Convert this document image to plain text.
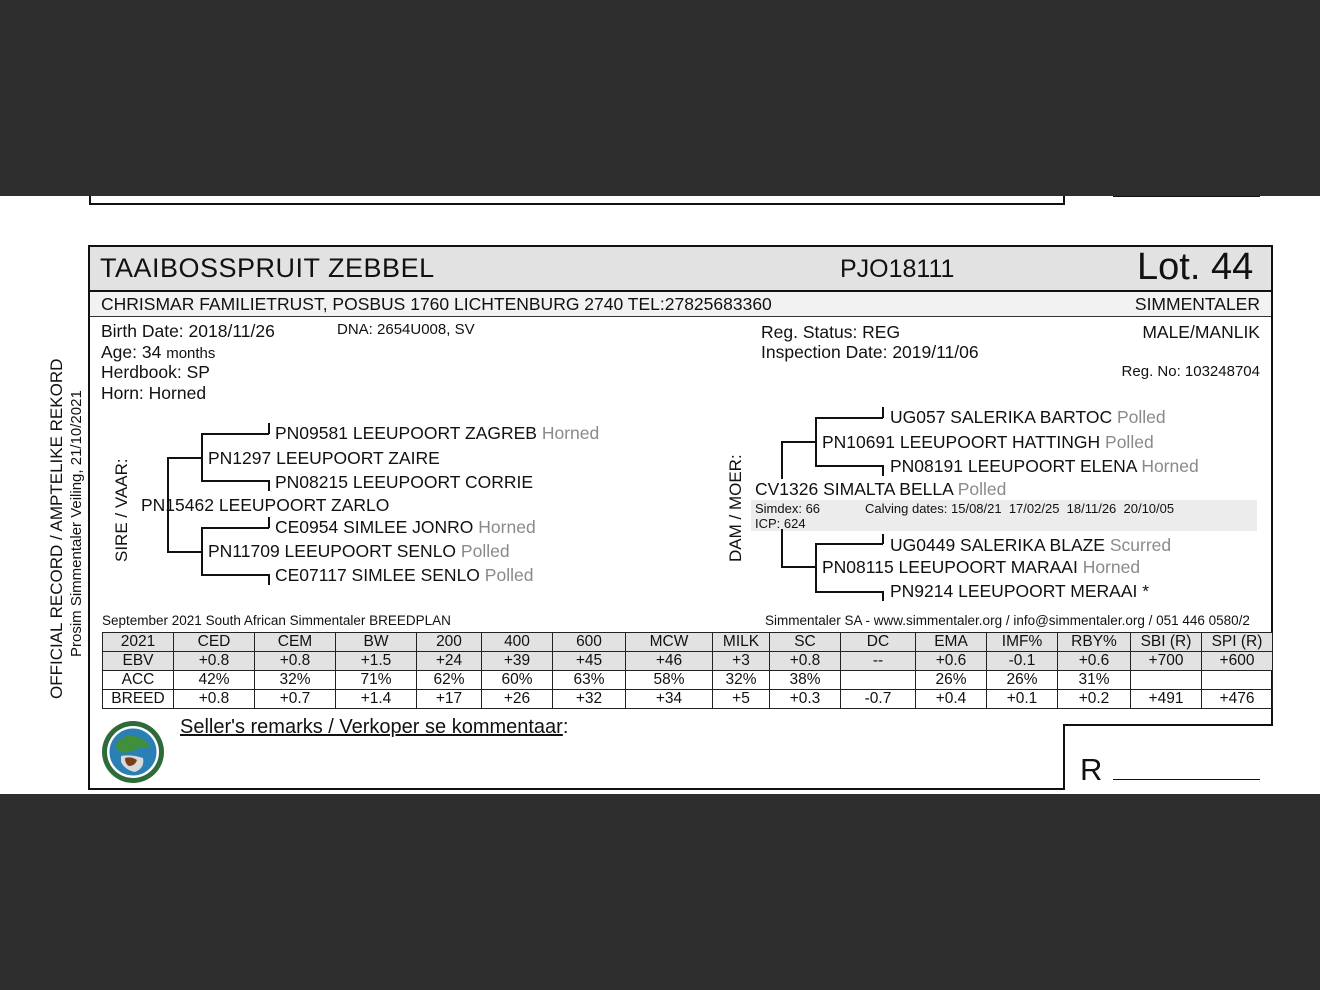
TAAIBOSSPRUIT ZEBBEL	PJO18111	Lot. 44
CHRISMAR FAMILIETRUST, POSBUS 1760 LICHTENBURG 2740 TEL:27825683360	SIMMENTALER
Birth Date: 2018/11/26	DNA: 2654U008, SV
Age: 34 months
Herdbook: SP
Horn: Horned
Reg. Status: REG
Inspection Date: 2019/11/06
MALE/MANLIK
Reg. No: 103248704
OFFICIAL RECORD / AMPTELIKE REKORD Prosim Simmentaler Veiling, 21/10/2021 SIRE / VAAR:
PN09581 LEEUPOORT ZAGREB Horned
PN1297 LEEUPOORT ZAIRE
PN08215 LEEUPOORT CORRIE
PN15462 LEEUPOORT ZARLO
CE0954 SIMLEE JONRO Horned
PN11709 LEEUPOORT SENLO Polled
CE07117 SIMLEE SENLO Polled
DAM / MOER:
UG057 SALERIKA BARTOC Polled
PN10691 LEEUPOORT HATTINGH Polled
PN08191 LEEUPOORT ELENA Horned
CV1326 SIMALTA BELLA Polled
Simdex: 66	Calving dates: 15/08/21  17/02/25  18/11/26  20/10/05
ICP: 624
UG0449 SALERIKA BLAZE Scurred
PN08115 LEEUPOORT MARAAI Horned
PN9214 LEEUPOORT MERAAI *
September 2021 South African Simmentaler BREEDPLAN	Simmentaler SA - www.simmentaler.org / info@simmentaler.org / 051 446 0580/2
2021	CED	CEM	BW	200	400	600	MCW	MILK	SC	DC	EMA	IMF%	RBY%	SBI (R)	SPI (R)
EBV	+0.8	+0.8	+1.5	+24	+39	+45	+46	+3	+0.8	--	+0.6	-0.1	+0.6	+700	+600
ACC	42%	32%	71%	62%	60%	63%	58%	32%	38%		26%	26%	31%		
BREED	+0.8	+0.7	+1.4	+17	+26	+32	+34	+5	+0.3	-0.7	+0.4	+0.1	+0.2	+491	+476
Seller's remarks / Verkoper se kommentaar:
R
